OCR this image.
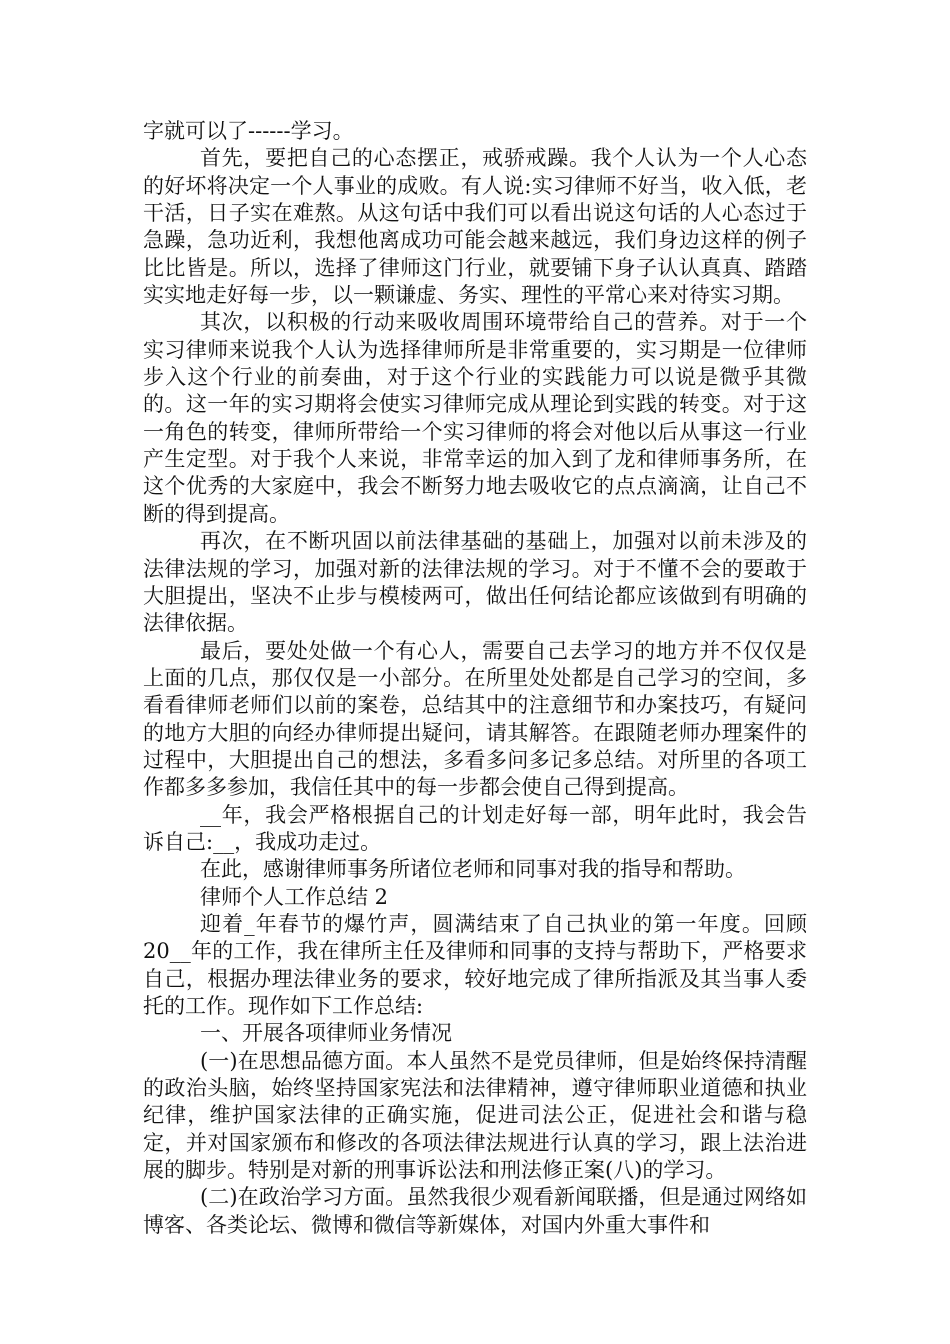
字就可以了------学习。

首先，要把自己的心态摆正，戒骄戒躁。我个人认为一个人心态的好坏将决定一个人事业的成败。有人说:实习律师不好当，收入低，老干活，日子实在难熬。从这句话中我们可以看出说这句话的人心态过于急躁，急功近利，我想他离成功可能会越来越远，我们身边这样的例子比比皆是。所以，选择了律师这门行业，就要铺下身子认认真真、踏踏实实地走好每一步，以一颗谦虚、务实、理性的平常心来对待实习期。

其次，以积极的行动来吸收周围环境带给自己的营养。对于一个实习律师来说我个人认为选择律师所是非常重要的，实习期是一位律师步入这个行业的前奏曲，对于这个行业的实践能力可以说是微乎其微的。这一年的实习期将会使实习律师完成从理论到实践的转变。对于这一角色的转变，律师所带给一个实习律师的将会对他以后从事这一行业产生定型。对于我个人来说，非常幸运的加入到了龙和律师事务所，在这个优秀的大家庭中，我会不断努力地去吸收它的点点滴滴，让自己不断的得到提高。

再次，在不断巩固以前法律基础的基础上，加强对以前未涉及的法律法规的学习，加强对新的法律法规的学习。对于不懂不会的要敢于大胆提出，坚决不止步与模棱两可，做出任何结论都应该做到有明确的法律依据。

最后，要处处做一个有心人，需要自己去学习的地方并不仅仅是上面的几点，那仅仅是一小部分。在所里处处都是自己学习的空间，多看看律师老师们以前的案卷，总结其中的注意细节和办案技巧，有疑问的地方大胆的向经办律师提出疑问，请其解答。在跟随老师办理案件的过程中，大胆提出自己的想法，多看多问多记多总结。对所里的各项工作都多多参加，我信任其中的每一步都会使自己得到提高。

__年，我会严格根据自己的计划走好每一部，明年此时，我会告诉自己:__，我成功走过。

在此，感谢律师事务所诸位老师和同事对我的指导和帮助。

律师个人工作总结 2

迎着_年春节的爆竹声，圆满结束了自己执业的第一年度。回顾 20__年的工作，我在律所主任及律师和同事的支持与帮助下，严格要求自己，根据办理法律业务的要求，较好地完成了律所指派及其当事人委托的工作。现作如下工作总结:

一、开展各项律师业务情况

(一)在思想品德方面。本人虽然不是党员律师，但是始终保持清醒的政治头脑，始终坚持国家宪法和法律精神，遵守律师职业道德和执业纪律，维护国家法律的正确实施，促进司法公正，促进社会和谐与稳定，并对国家颁布和修改的各项法律法规进行认真的学习，跟上法治进展的脚步。特别是对新的刑事诉讼法和刑法修正案(八)的学习。

(二)在政治学习方面。虽然我很少观看新闻联播，但是通过网络如博客、各类论坛、微博和微信等新媒体，对国内外重大事件和
